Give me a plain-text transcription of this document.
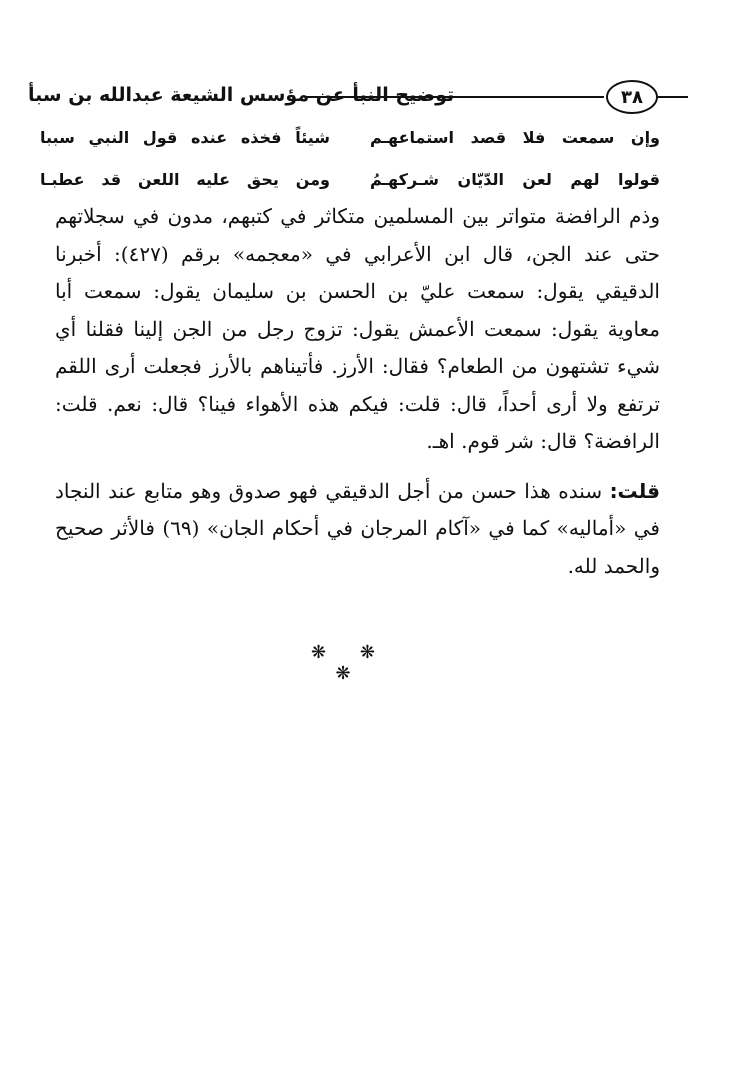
توضيح النبأ عن مؤسس الشيعة عبدالله بن سبأ	٣٨
وإن سمعت فلا قصد استماعهـم
شيئاً فخذه عنده قول النبي سببا
قولوا لهم لعن الدّيّان شـركهـمُ
ومن يحق عليه اللعن قد عطبـا

وذم الرافضة متواتر بين المسلمين متكاثر في كتبهم، مدون في سجلاتهم حتى عند الجن، قال ابن الأعرابي في «معجمه» برقم (٤٢٧): أخبرنا الدقيقي يقول: سمعت عليّ بن الحسن بن سليمان يقول: سمعت أبا معاوية يقول: سمعت الأعمش يقول: تزوج رجل من الجن إلينا فقلنا أي شيء تشتهون من الطعام؟ فقال: الأرز. فأتيناهم بالأرز فجعلت أرى اللقم ترتفع ولا أرى أحداً، قال: قلت: فيكم هذه الأهواء فينا؟ قال: نعم. قلت: الرافضة؟ قال: شر قوم. اهـ.

قلت: سنده هذا حسن من أجل الدقيقي فهو صدوق وهو متابع عند النجاد في «أماليه» كما في «آكام المرجان في أحكام الجان» (٦٩) فالأثر صحيح والحمد لله.

❋ ❋ ❋
